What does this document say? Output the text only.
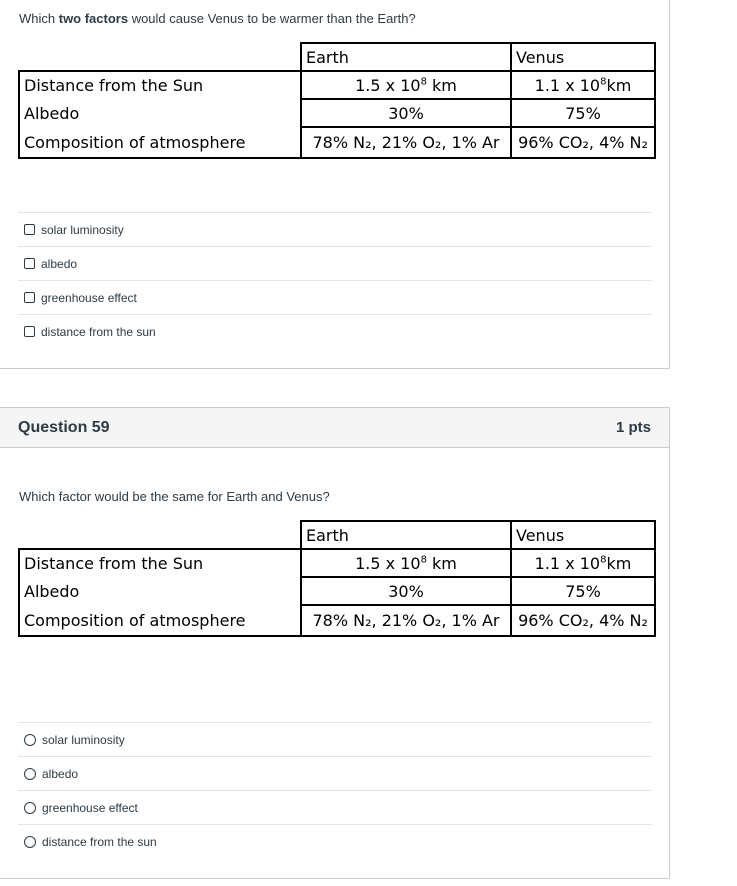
Which two factors would cause Venus to be warmer than the Earth?
	Earth	Venus
Distance from the Sun	1.5 x $10^8$ km	1.1 x $10^8km$
Albedo	30%	75%
Composition of atmosphere	78% N₂, 21% O₂, 1% Ar	96% CO₂, 4% N₂
solar luminosity
albedo
greenhouse effect
distance from the sun
Question 59	1 pts
Which factor would be the same for Earth and Venus?
	Earth	Venus
Distance from the Sun	1.5 x $10^8$ km	1.1 x $10^8km$
Albedo	30%	75%
Composition of atmosphere	78% N₂, 21% O₂, 1% Ar	96% CO₂, 4% N₂
solar luminosity
albedo
greenhouse effect
distance from the sun
